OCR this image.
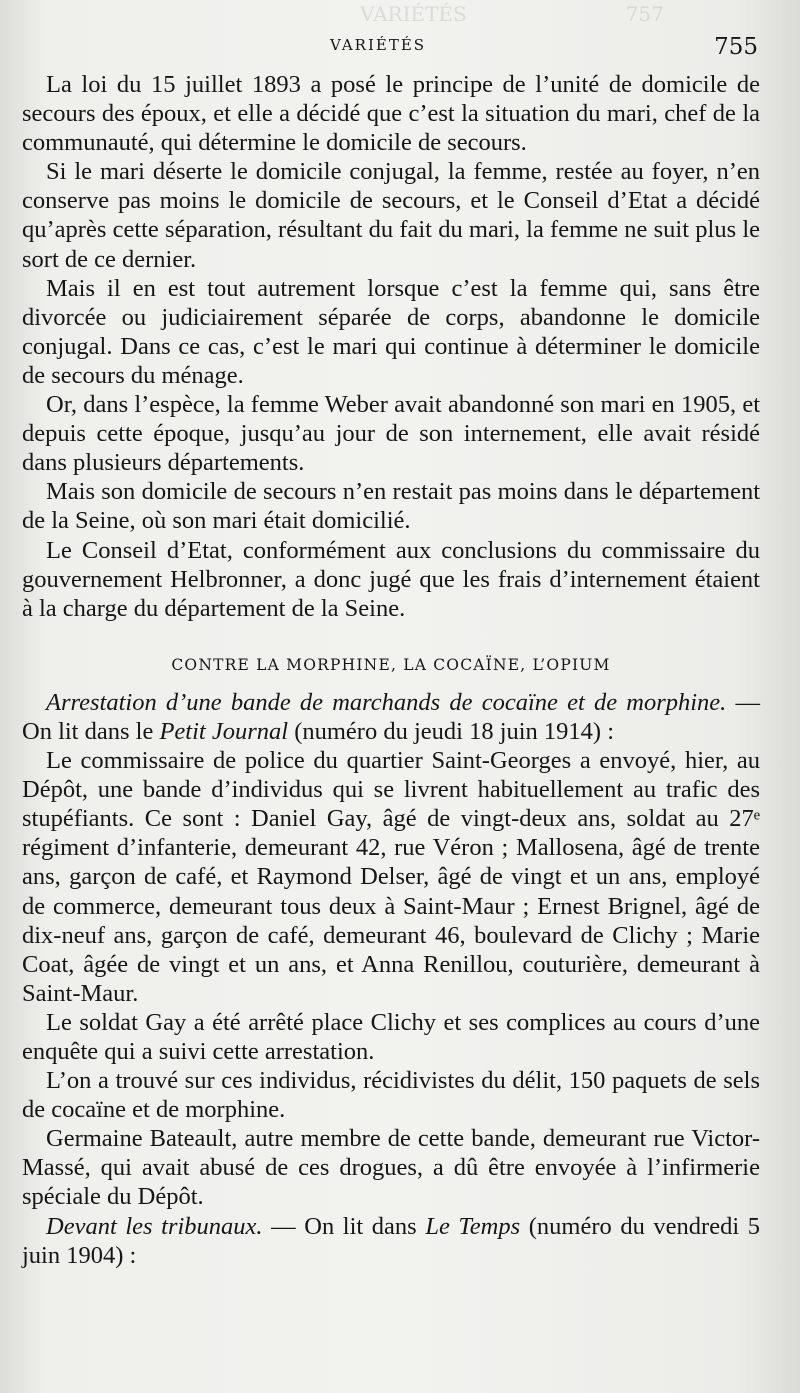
VARIÉTÉS                         757
VARIÉTÉS	755

La loi du 15 juillet 1893 a posé le principe de l’unité de domicile de secours des époux, et elle a décidé que c’est la situation du mari, chef de la communauté, qui détermine le domicile de secours.

Si le mari déserte le domicile conjugal, la femme, restée au foyer, n’en conserve pas moins le domicile de secours, et le Conseil d’Etat a décidé qu’après cette séparation, résultant du fait du mari, la femme ne suit plus le sort de ce dernier.

Mais il en est tout autrement lorsque c’est la femme qui, sans être divorcée ou judiciairement séparée de corps, abandonne le domicile conjugal. Dans ce cas, c’est le mari qui continue à déterminer le domicile de secours du ménage.

Or, dans l’espèce, la femme Weber avait abandonné son mari en 1905, et depuis cette époque, jusqu’au jour de son internement, elle avait résidé dans plusieurs départements.

Mais son domicile de secours n’en restait pas moins dans le département de la Seine, où son mari était domicilié.

Le Conseil d’Etat, conformément aux conclusions du commissaire du gouvernement Helbronner, a donc jugé que les frais d’internement étaient à la charge du département de la Seine.

CONTRE LA MORPHINE, LA COCAÏNE, L’OPIUM

Arrestation d’une bande de marchands de cocaïne et de morphine. — On lit dans le Petit Journal (numéro du jeudi 18 juin 1914) :

Le commissaire de police du quartier Saint-Georges a envoyé, hier, au Dépôt, une bande d’individus qui se livrent habituellement au trafic des stupéfiants. Ce sont : Daniel Gay, âgé de vingt-deux ans, soldat au 27ᵉ régiment d’infanterie, demeurant 42, rue Véron ; Mallosena, âgé de trente ans, garçon de café, et Raymond Delser, âgé de vingt et un ans, employé de commerce, demeurant tous deux à Saint-Maur ; Ernest Brignel, âgé de dix-neuf ans, garçon de café, demeurant 46, boulevard de Clichy ; Marie Coat, âgée de vingt et un ans, et Anna Renillou, couturière, demeurant à Saint-Maur.

Le soldat Gay a été arrêté place Clichy et ses complices au cours d’une enquête qui a suivi cette arrestation.

L’on a trouvé sur ces individus, récidivistes du délit, 150 paquets de sels de cocaïne et de morphine.

Germaine Bateault, autre membre de cette bande, demeurant rue Victor-Massé, qui avait abusé de ces drogues, a dû être envoyée à l’infirmerie spéciale du Dépôt.

Devant les tribunaux. — On lit dans Le Temps (numéro du vendredi 5 juin 1904) :
